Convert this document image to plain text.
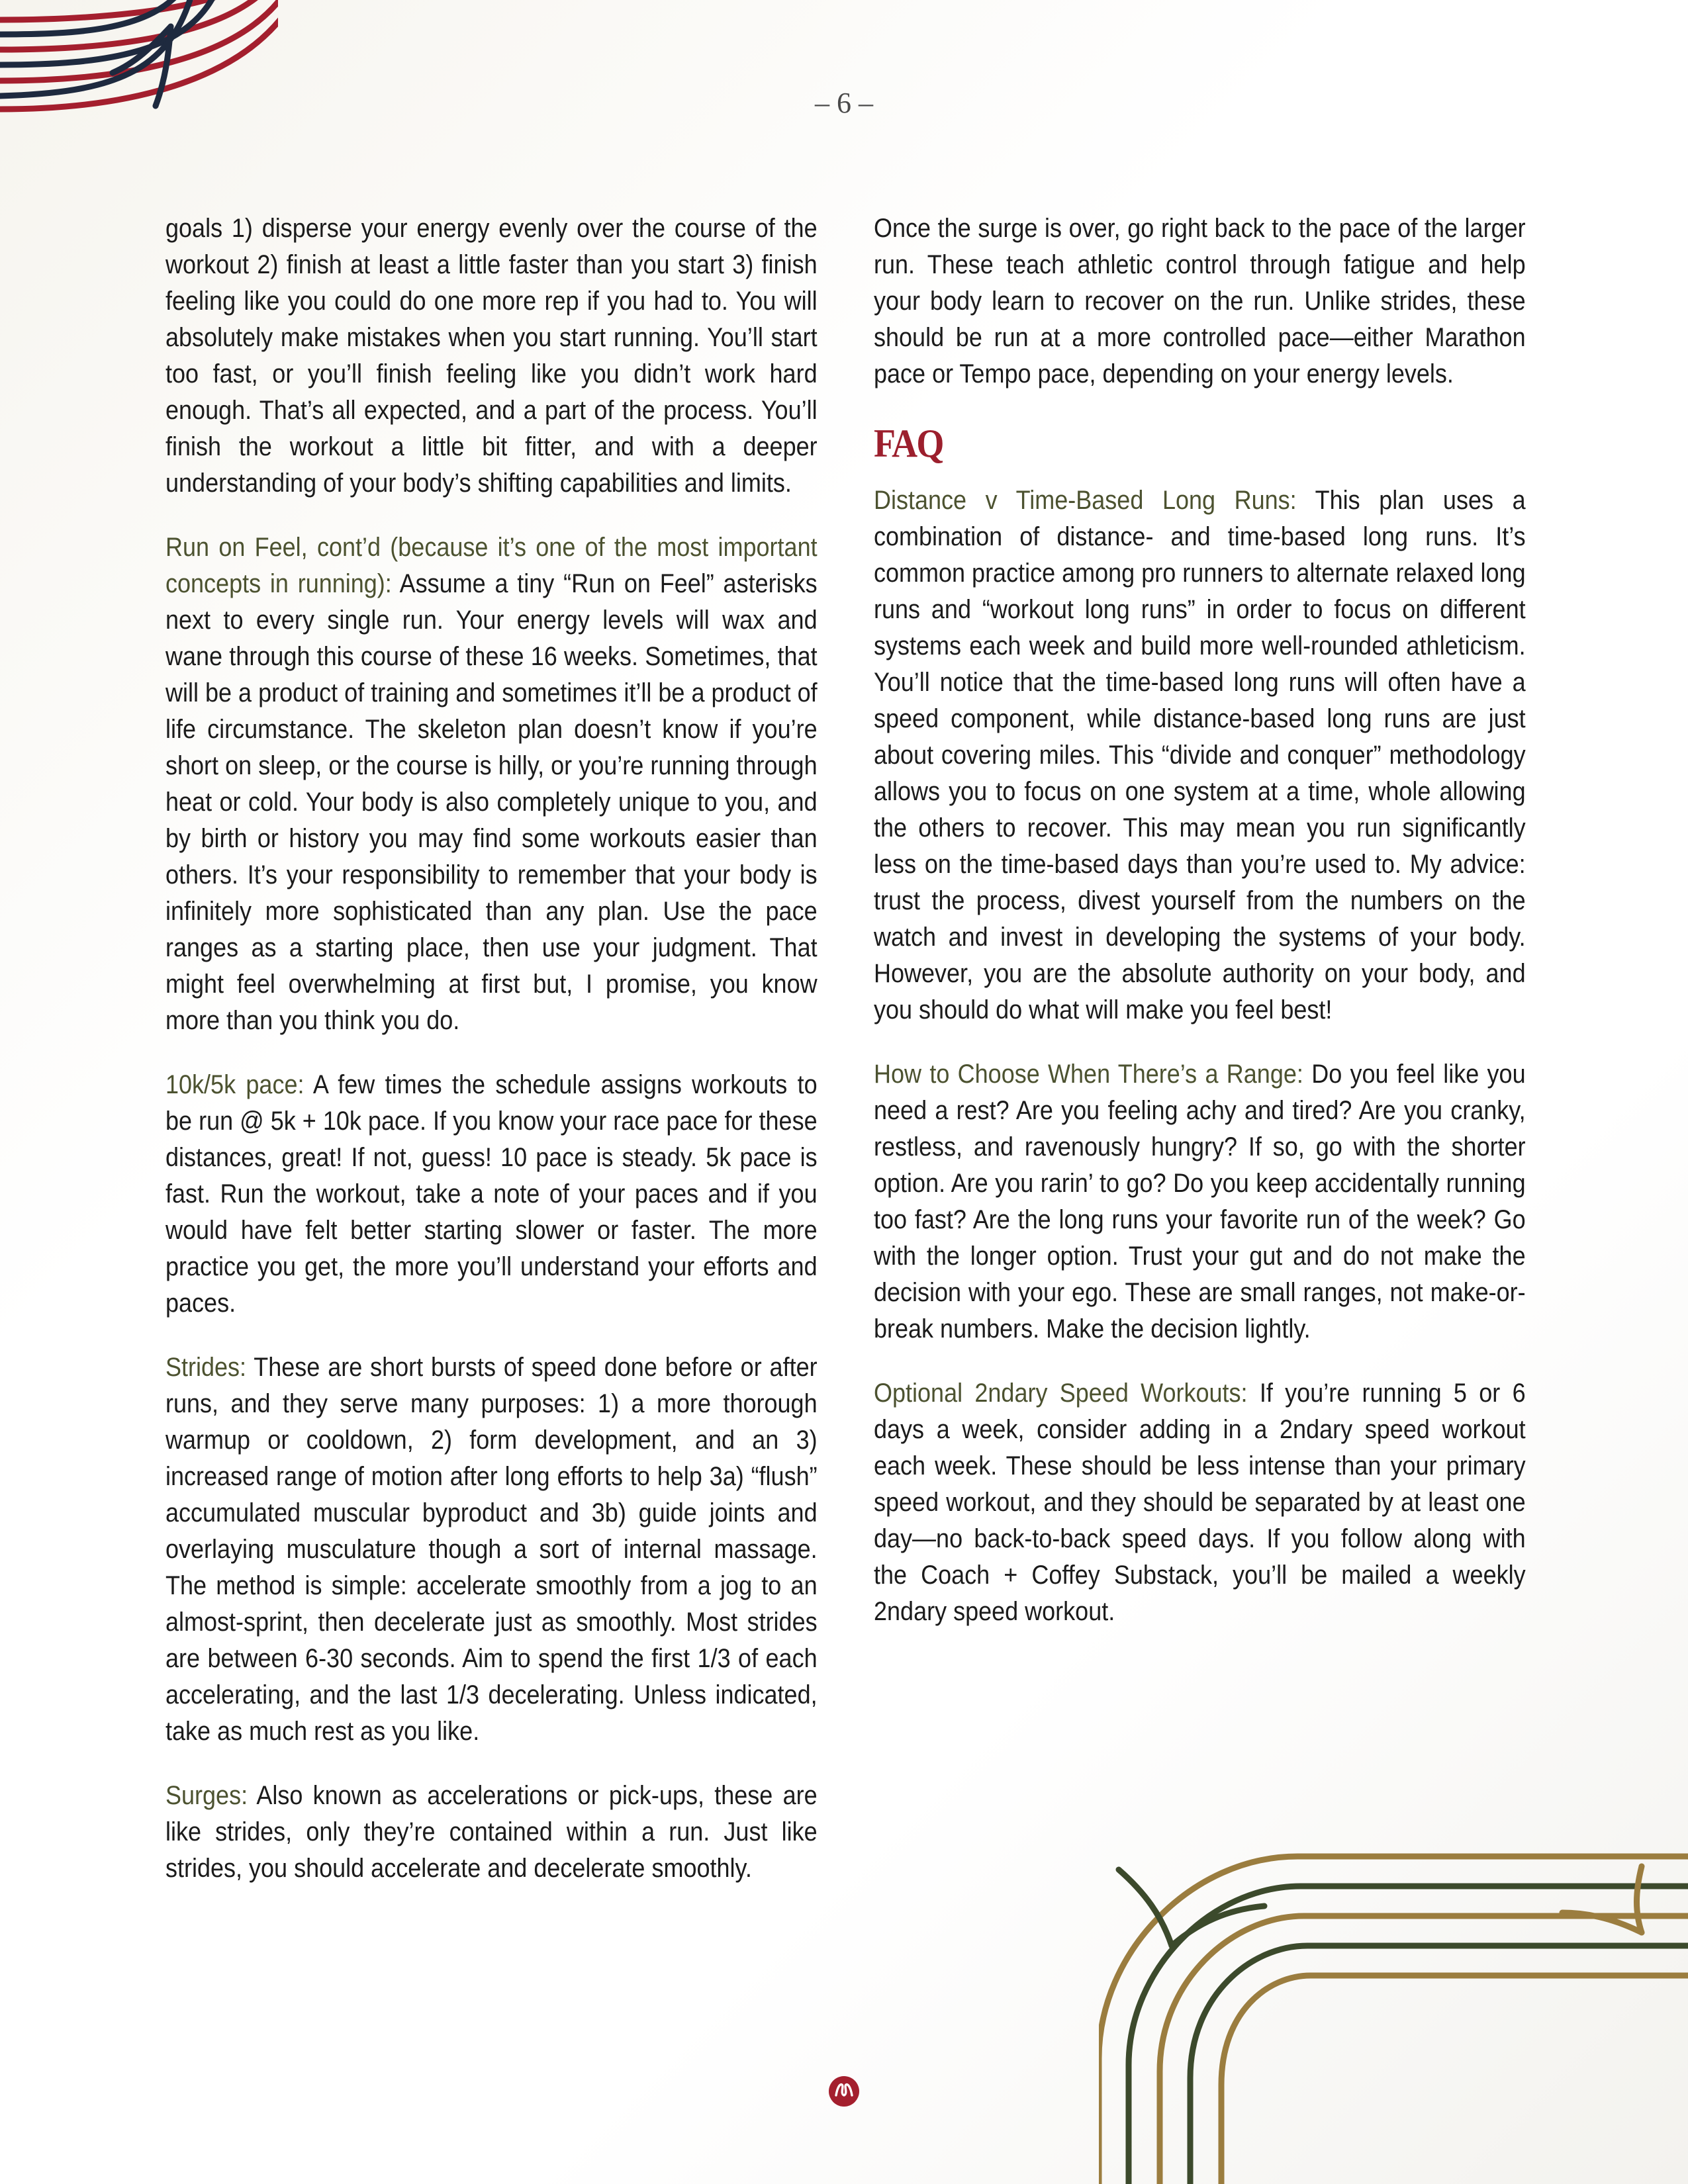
– 6 –

goals 1) disperse your energy evenly over the course of the workout 2) finish at least a little faster than you start 3) finish feeling like you could do one more rep if you had to. You will absolutely make mistakes when you start running. You’ll start too fast, or you’ll finish feeling like you didn’t work hard enough. That’s all expected, and a part of the process. You’ll finish the workout a little bit fitter, and with a deeper understanding of your body’s shifting capabilities and limits.

Run on Feel, cont’d (because it’s one of the most important concepts in running): Assume a tiny “Run on Feel” asterisks next to every single run. Your energy levels will wax and wane through this course of these 16 weeks. Sometimes, that will be a product of training and sometimes it’ll be a product of life circumstance. The skeleton plan doesn’t know if you’re short on sleep, or the course is hilly, or you’re running through heat or cold. Your body is also completely unique to you, and by birth or history you may find some workouts easier than others. It’s your responsibility to remember that your body is infinitely more sophisticated than any plan. Use the pace ranges as a starting place, then use your judgment. That might feel overwhelming at first but, I promise, you know more than you think you do.

10k/5k pace: A few times the schedule assigns workouts to be run @ 5k + 10k pace. If you know your race pace for these distances, great! If not, guess! 10 pace is steady. 5k pace is fast. Run the workout, take a note of your paces and if you would have felt better starting slower or faster. The more practice you get, the more you’ll understand your efforts and paces.

Strides: These are short bursts of speed done before or after runs, and they serve many purposes: 1) a more thorough warmup or cooldown, 2) form development, and an 3) increased range of motion after long efforts to help 3a) “flush” accumulated muscular byproduct and 3b) guide joints and overlaying musculature though a sort of internal massage. The method is simple: accelerate smoothly from a jog to an almost-sprint, then decelerate just as smoothly. Most strides are between 6-30 seconds. Aim to spend the first 1/3 of each accelerating, and the last 1/3 decelerating. Unless indicated, take as much rest as you like.

Surges: Also known as accelerations or pick-ups, these are like strides, only they’re contained within a run. Just like strides, you should accelerate and decelerate smoothly.

Once the surge is over, go right back to the pace of the larger run. These teach athletic control through fatigue and help your body learn to recover on the run. Unlike strides, these should be run at a more controlled pace—either Marathon pace or Tempo pace, depending on your energy levels.

FAQ

Distance v Time-Based Long Runs: This plan uses a combination of distance- and time-based long runs. It’s common practice among pro runners to alternate relaxed long runs and “workout long runs” in order to focus on different systems each week and build more well-rounded athleticism. You’ll notice that the time-based long runs will often have a speed component, while distance-based long runs are just about covering miles. This “divide and conquer” methodology allows you to focus on one system at a time, whole allowing the others to recover. This may mean you run significantly less on the time-based days than you’re used to. My advice: trust the process, divest yourself from the numbers on the watch and invest in developing the systems of your body. However, you are the absolute authority on your body, and you should do what will make you feel best!

How to Choose When There’s a Range: Do you feel like you need a rest? Are you feeling achy and tired? Are you cranky, restless, and ravenously hungry? If so, go with the shorter option. Are you rarin’ to go? Do you keep accidentally running too fast? Are the long runs your favorite run of the week? Go with the longer option. Trust your gut and do not make the decision with your ego. These are small ranges, not make-or-break numbers. Make the decision lightly.

Optional 2ndary Speed Workouts: If you’re running 5 or 6 days a week, consider adding in a 2ndary speed workout each week. These should be less intense than your primary speed workout, and they should be separated by at least one day—no back-to-back speed days. If you follow along with the Coach + Coffey Substack, you’ll be mailed a weekly 2ndary speed workout.
